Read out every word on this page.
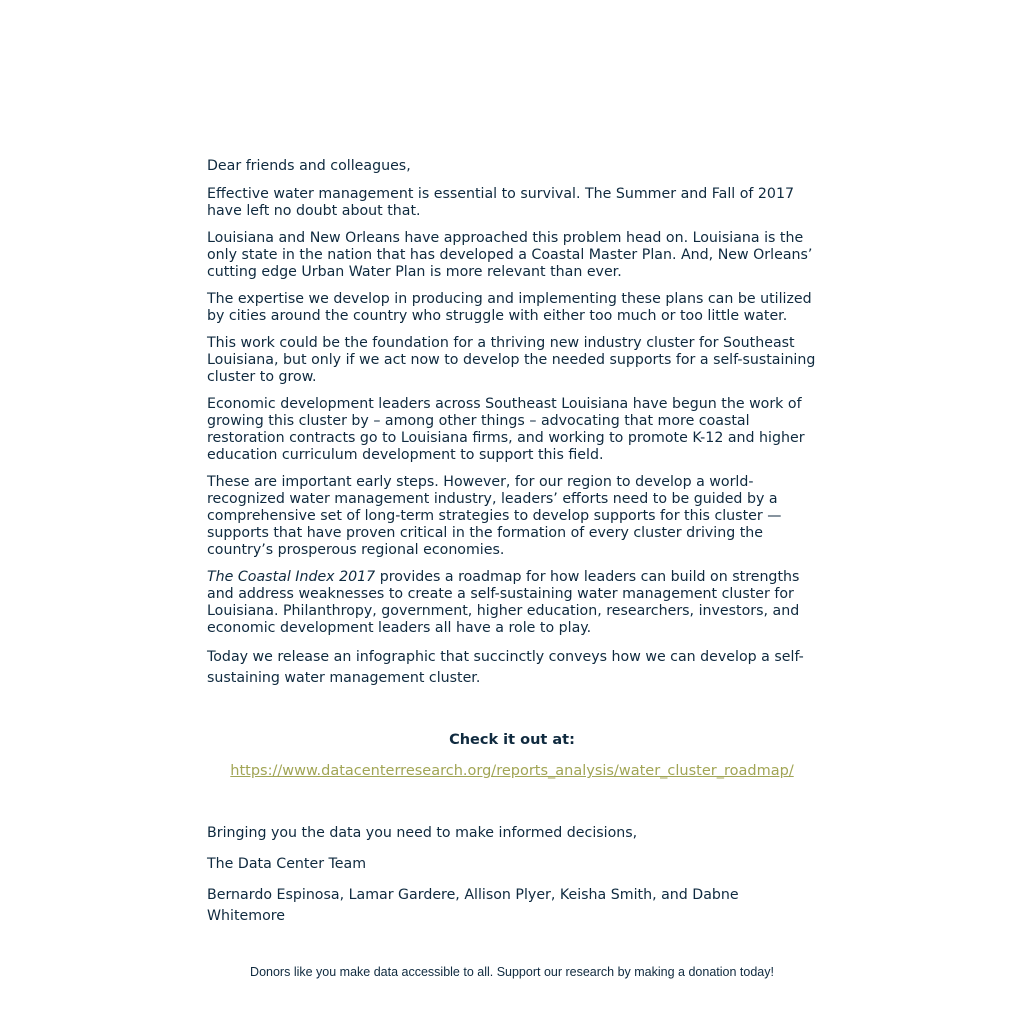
Dear friends and colleagues,

Effective water management is essential to survival. The Summer and Fall of 2017 have left no doubt about that.

Louisiana and New Orleans have approached this problem head on. Louisiana is the only state in the nation that has developed a Coastal Master Plan. And, New Orleans’ cutting edge Urban Water Plan is more relevant than ever.

The expertise we develop in producing and implementing these plans can be utilized by cities around the country who struggle with either too much or too little water.

This work could be the foundation for a thriving new industry cluster for Southeast Louisiana, but only if we act now to develop the needed supports for a self-sustaining cluster to grow.

Economic development leaders across Southeast Louisiana have begun the work of growing this cluster by – among other things – advocating that more coastal restoration contracts go to Louisiana firms, and working to promote K-12 and higher education curriculum development to support this field.

These are important early steps. However, for our region to develop a world-recognized water management industry, leaders’ efforts need to be guided by a comprehensive set of long-term strategies to develop supports for this cluster — supports that have proven critical in the formation of every cluster driving the country’s prosperous regional economies.

The Coastal Index 2017 provides a roadmap for how leaders can build on strengths and address weaknesses to create a self-sustaining water management cluster for Louisiana. Philanthropy, government, higher education, researchers, investors, and economic development leaders all have a role to play.

Today we release an infographic that succinctly conveys how we can develop a self-sustaining water management cluster.

Check it out at:
https://www.datacenterresearch.org/reports_analysis/water_cluster_roadmap/

Bringing you the data you need to make informed decisions,

The Data Center Team

Bernardo Espinosa, Lamar Gardere, Allison Plyer, Keisha Smith, and Dabne Whitemore

Donors like you make data accessible to all. Support our research by making a donation today!
